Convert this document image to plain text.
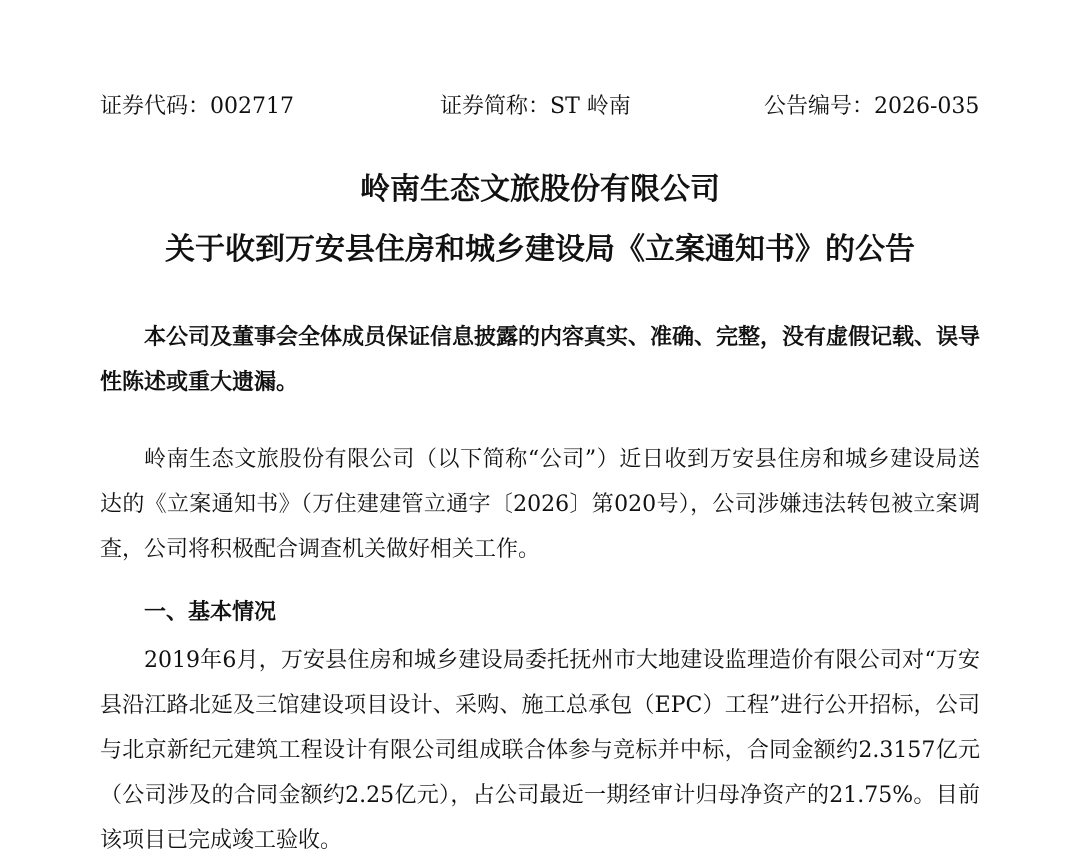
证券代码：002717	证券简称：ST 岭南	公告编号：2026-035
岭南生态文旅股份有限公司
关于收到万安县住房和城乡建设局《立案通知书》的公告

本公司及董事会全体成员保证信息披露的内容真实、准确、完整，没有虚假记载、误导性陈述或重大遗漏。

岭南生态文旅股份有限公司（以下简称“公司”）近日收到万安县住房和城乡建设局送达的《立案通知书》（万住建建管立通字〔2026〕第020号），公司涉嫌违法转包被立案调查，公司将积极配合调查机关做好相关工作。

一、基本情况

2019年6月，万安县住房和城乡建设局委托抚州市大地建设监理造价有限公司对“万安县沿江路北延及三馆建设项目设计、采购、施工总承包（EPC）工程”进行公开招标，公司与北京新纪元建筑工程设计有限公司组成联合体参与竞标并中标，合同金额约2.3157亿元（公司涉及的合同金额约2.25亿元），占公司最近一期经审计归母净资产的21.75%。目前该项目已完成竣工验收。
